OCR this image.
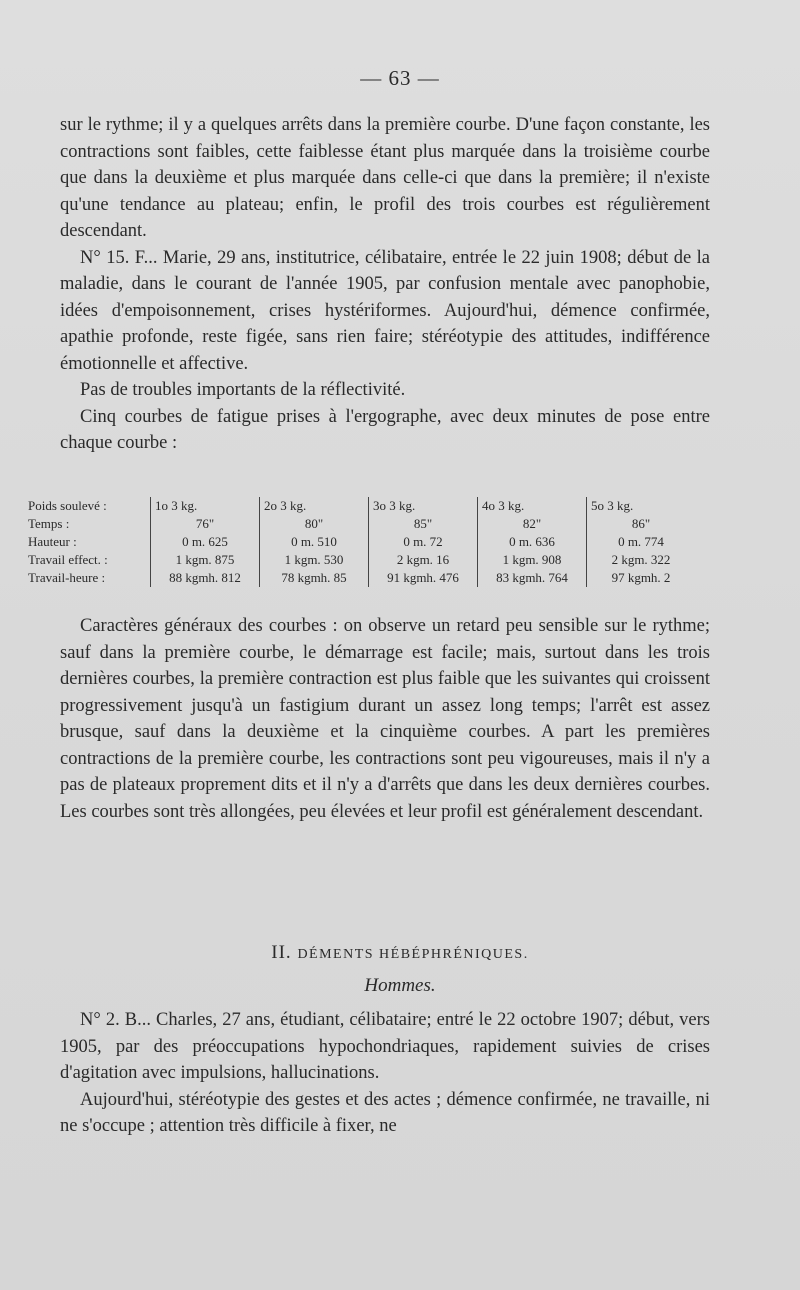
— 63 —

sur le rythme; il y a quelques arrêts dans la première courbe. D'une façon constante, les contractions sont faibles, cette faiblesse étant plus marquée dans la troisième courbe que dans la deuxième et plus marquée dans celle-ci que dans la première; il n'existe qu'une tendance au plateau; enfin, le profil des trois courbes est régulièrement descendant.

N° 15. F... Marie, 29 ans, institutrice, célibataire, entrée le 22 juin 1908; début de la maladie, dans le courant de l'année 1905, par confusion mentale avec panophobie, idées d'empoisonnement, crises hystériformes. Aujourd'hui, démence confirmée, apathie profonde, reste figée, sans rien faire; stéréotypie des attitudes, indifférence émotionnelle et affective.

Pas de troubles importants de la réflectivité.

Cinq courbes de fatigue prises à l'ergographe, avec deux minutes de pose entre chaque courbe :

Poids soulevé :	1o 3 kg.	2o 3 kg.	3o 3 kg.	4o 3 kg.	5o 3 kg.
Temps :	76"	80"	85"	82"	86"
Hauteur :	0 m. 625	0 m. 510	0 m. 72	0 m. 636	0 m. 774
Travail effect. :	1 kgm. 875	1 kgm. 530	2 kgm. 16	1 kgm. 908	2 kgm. 322
Travail-heure :	88 kgmh. 812	78 kgmh. 85	91 kgmh. 476	83 kgmh. 764	97 kgmh. 2

Caractères généraux des courbes : on observe un retard peu sensible sur le rythme; sauf dans la première courbe, le démarrage est facile; mais, surtout dans les trois dernières courbes, la première contraction est plus faible que les suivantes qui croissent progressivement jusqu'à un fastigium durant un assez long temps; l'arrêt est assez brusque, sauf dans la deuxième et la cinquième courbes. A part les premières contractions de la première courbe, les contractions sont peu vigoureuses, mais il n'y a pas de plateaux proprement dits et il n'y a d'arrêts que dans les deux dernières courbes. Les courbes sont très allongées, peu élevées et leur profil est généralement descendant.

II. DÉMENTS HÉBÉPHRÉNIQUES.
Hommes.

N° 2. B... Charles, 27 ans, étudiant, célibataire; entré le 22 octobre 1907; début, vers 1905, par des préoccupations hypochondriaques, rapidement suivies de crises d'agitation avec impulsions, hallucinations.

Aujourd'hui, stéréotypie des gestes et des actes ; démence confirmée, ne travaille, ni ne s'occupe ; attention très difficile à fixer, ne
